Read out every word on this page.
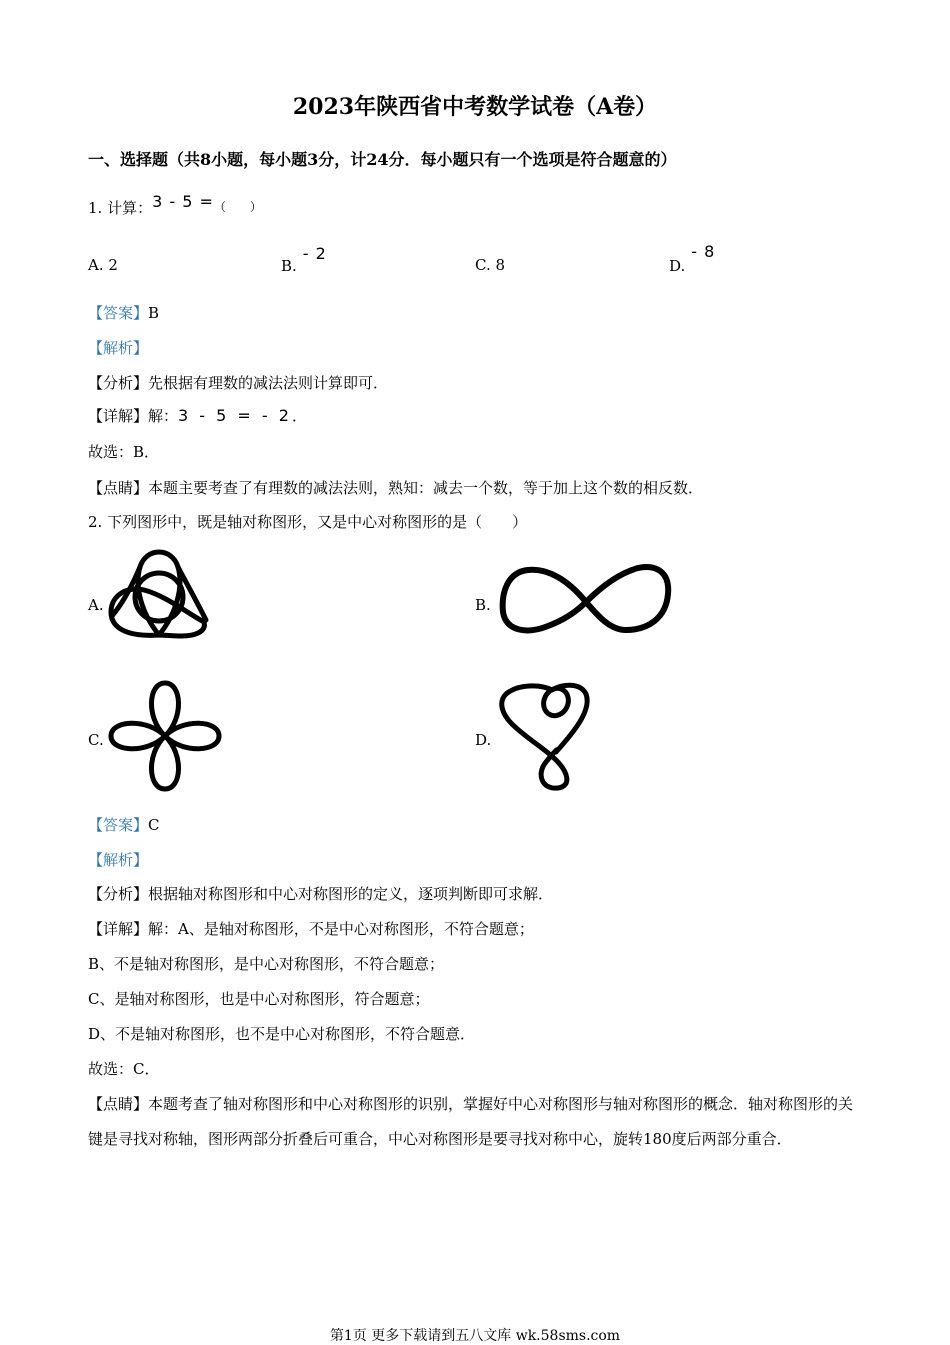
2023年陕西省中考数学试卷（A卷）
一、选择题（共8小题，每小题3分，计24分．每小题只有一个选项是符合题意的）
1. 计算：3 - 5 =（　　）
A. 2	B.- 2
C. 8	D.- 8
【答案】B
【解析】
【分析】先根据有理数的减法法则计算即可．
【详解】解：3 - 5 = - 2．
故选：B．
【点睛】本题主要考查了有理数的减法法则，熟知：减去一个数，等于加上这个数的相反数．
2. 下列图形中，既是轴对称图形，又是中心对称图形的是（　　）
A.	B.
C.	D.
【答案】C
【解析】
【分析】根据轴对称图形和中心对称图形的定义，逐项判断即可求解．
【详解】解：A、是轴对称图形，不是中心对称图形，不符合题意；
B、不是轴对称图形，是中心对称图形，不符合题意；
C、是轴对称图形，也是中心对称图形，符合题意；
D、不是轴对称图形，也不是中心对称图形，不符合题意．
故选：C．
【点睛】本题考查了轴对称图形和中心对称图形的识别，掌握好中心对称图形与轴对称图形的概念．轴对称图形的关键是寻找对称轴，图形两部分折叠后可重合，中心对称图形是要寻找对称中心，旋转180度后两部分重合．
第1页 更多下载请到五八文库 wk.58sms.com
